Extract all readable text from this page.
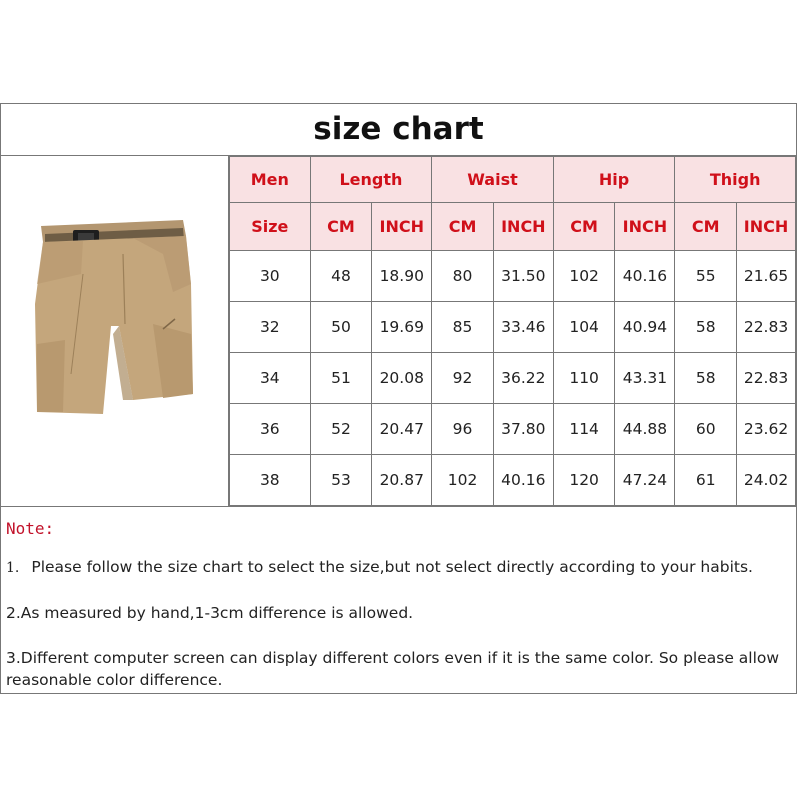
size chart
Men	Length		Waist		Hip		Thigh	
Size	CM	INCH	CM	INCH	CM	INCH	CM	INCH
30	48	18.90	80	31.50	102	40.16	55	21.65
32	50	19.69	85	33.46	104	40.94	58	22.83
34	51	20.08	92	36.22	110	43.31	58	22.83
36	52	20.47	96	37.80	114	44.88	60	23.62
38	53	20.87	102	40.16	120	47.24	61	24.02
Note:
1. Please follow the size chart to select the size,but not select directly according to your habits.
2.As measured by hand,1-3cm difference is allowed.
3.Different computer screen can display different colors even if it is the same color. So please allow reasonable color difference.
